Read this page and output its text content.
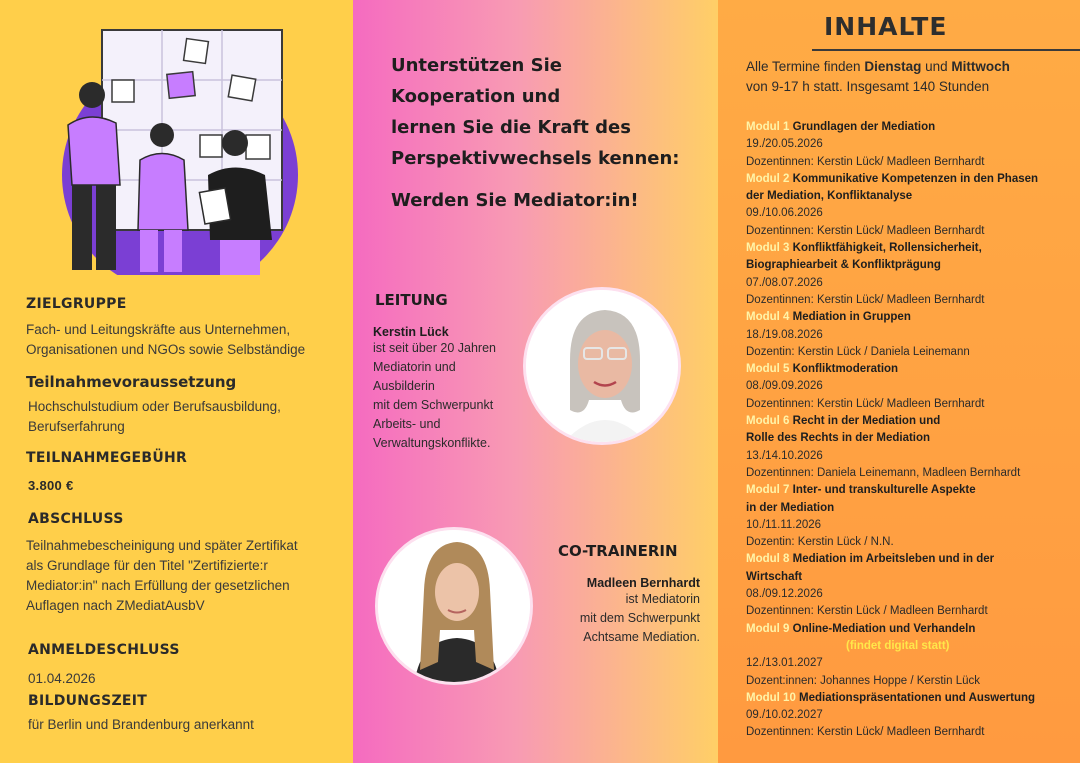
ZIELGRUPPE
Fach- und Leitungskräfte aus Unternehmen,
Organisationen und NGOs sowie Selbständige
Teilnahmevoraussetzung
Hochschulstudium oder Berufsausbildung,
Berufserfahrung
TEILNAHMEGEBÜHR
3.800 €
ABSCHLUSS
Teilnahmebescheinigung und später Zertifikat
als Grundlage für den Titel "Zertifizierte:r
Mediator:in" nach Erfüllung der gesetzlichen
Auflagen nach ZMediatAusbV
ANMELDESCHLUSS
01.04.2026
BILDUNGSZEIT
für Berlin und Brandenburg anerkannt
Unterstützen Sie
Kooperation und
lernen Sie die Kraft des
Perspektivwechsels kennen:
Werden Sie Mediator:in!
LEITUNG
Kerstin Lück
ist seit über 20 Jahren
Mediatorin und
Ausbilderin
mit dem Schwerpunkt
Arbeits- und
Verwaltungskonflikte.
CO-TRAINERIN
Madleen Bernhardt
ist Mediatorin
mit dem Schwerpunkt
Achtsame Mediation.
INHALTE
Alle Termine finden Dienstag und Mittwoch
von 9-17 h statt. Insgesamt 140 Stunden
Modul 1 Grundlagen der Mediation
19./20.05.2026
Dozentinnen: Kerstin Lück/ Madleen Bernhardt
Modul 2 Kommunikative Kompetenzen in den Phasen
der Mediation, Konfliktanalyse
09./10.06.2026
Dozentinnen: Kerstin Lück/ Madleen Bernhardt
Modul 3 Konfliktfähigkeit, Rollensicherheit,
Biographiearbeit & Konfliktprägung
07./08.07.2026
Dozentinnen: Kerstin Lück/ Madleen Bernhardt
Modul 4 Mediation in Gruppen
18./19.08.2026
Dozentin: Kerstin Lück / Daniela Leinemann
Modul 5 Konfliktmoderation
08./09.09.2026
Dozentinnen: Kerstin Lück/ Madleen Bernhardt
Modul 6 Recht in der Mediation und
Rolle des Rechts in der Mediation
13./14.10.2026
Dozentinnen: Daniela Leinemann, Madleen Bernhardt
Modul 7 Inter- und transkulturelle Aspekte
in der Mediation
10./11.11.2026
Dozentin: Kerstin Lück / N.N.
Modul 8 Mediation im Arbeitsleben und in der
Wirtschaft
08./09.12.2026
Dozentinnen: Kerstin Lück / Madleen Bernhardt
Modul 9 Online-Mediation und Verhandeln
(findet digital statt)
12./13.01.2027
Dozent:innen: Johannes Hoppe / Kerstin Lück
Modul 10 Mediationspräsentationen und Auswertung
09./10.02.2027
Dozentinnen: Kerstin Lück/ Madleen Bernhardt
